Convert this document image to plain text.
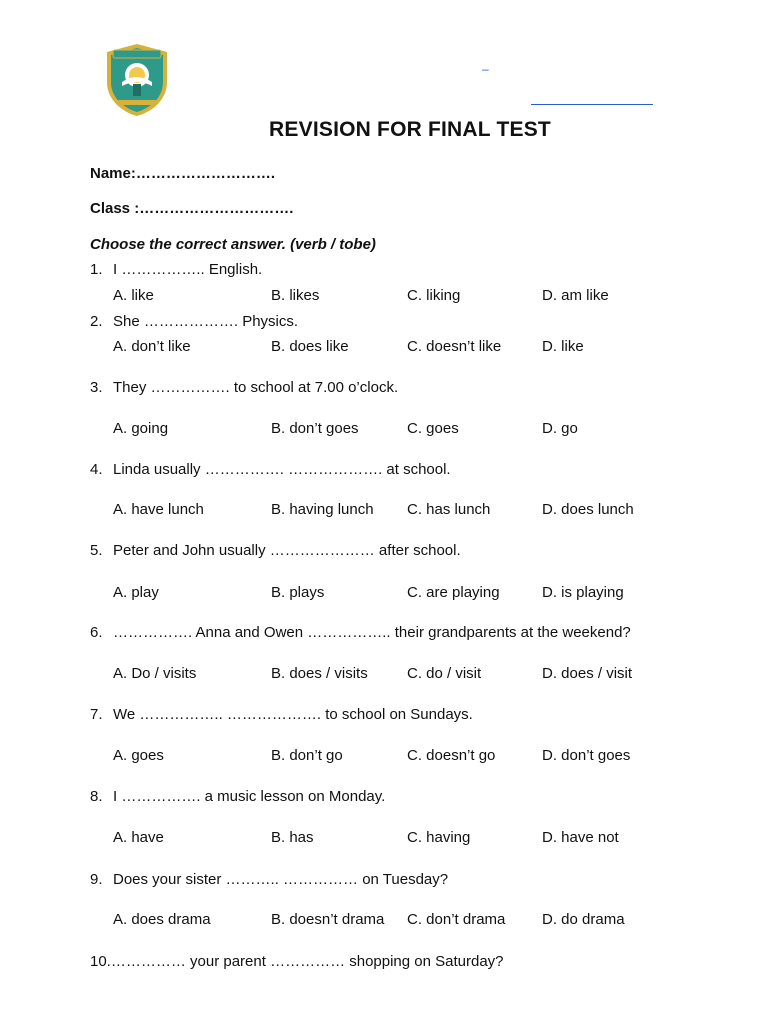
–
REVISION FOR FINAL TEST
Name:……………………….
Class :………………………….
Choose the correct answer. (verb / tobe)
1. I …………….. English.
A. like	B. likes	C. liking	D. am like
2. She ………………. Physics.
A. don’t like	B. does like	C. doesn’t like	D. like
3. They ……………. to school at 7.00 o’clock.
A. going	B. don’t goes	C. goes	D. go
4. Linda usually ……………. ………………. at school.
A. have lunch	B. having lunch C. has lunch	D. does lunch
5. Peter and John usually ………………… after school.
A. play	B. plays	C. are playing	D. is playing
6. ……………. Anna and Owen …………….. their grandparents at the weekend?
A. Do / visits	B. does / visits	C. do / visit	D. does / visit
7. We …………….. ………………. to school on Sundays.
A. goes	B. don’t go	C. doesn’t go	D. don’t goes
8. I ……………. a music lesson on Monday.
A. have	B. has	C. having	D. have not
9. Does your sister ……….. …………… on Tuesday?
A. does drama	B. doesn’t drama C. don’t drama D. do drama
10.…………… your parent …………… shopping on Saturday?
